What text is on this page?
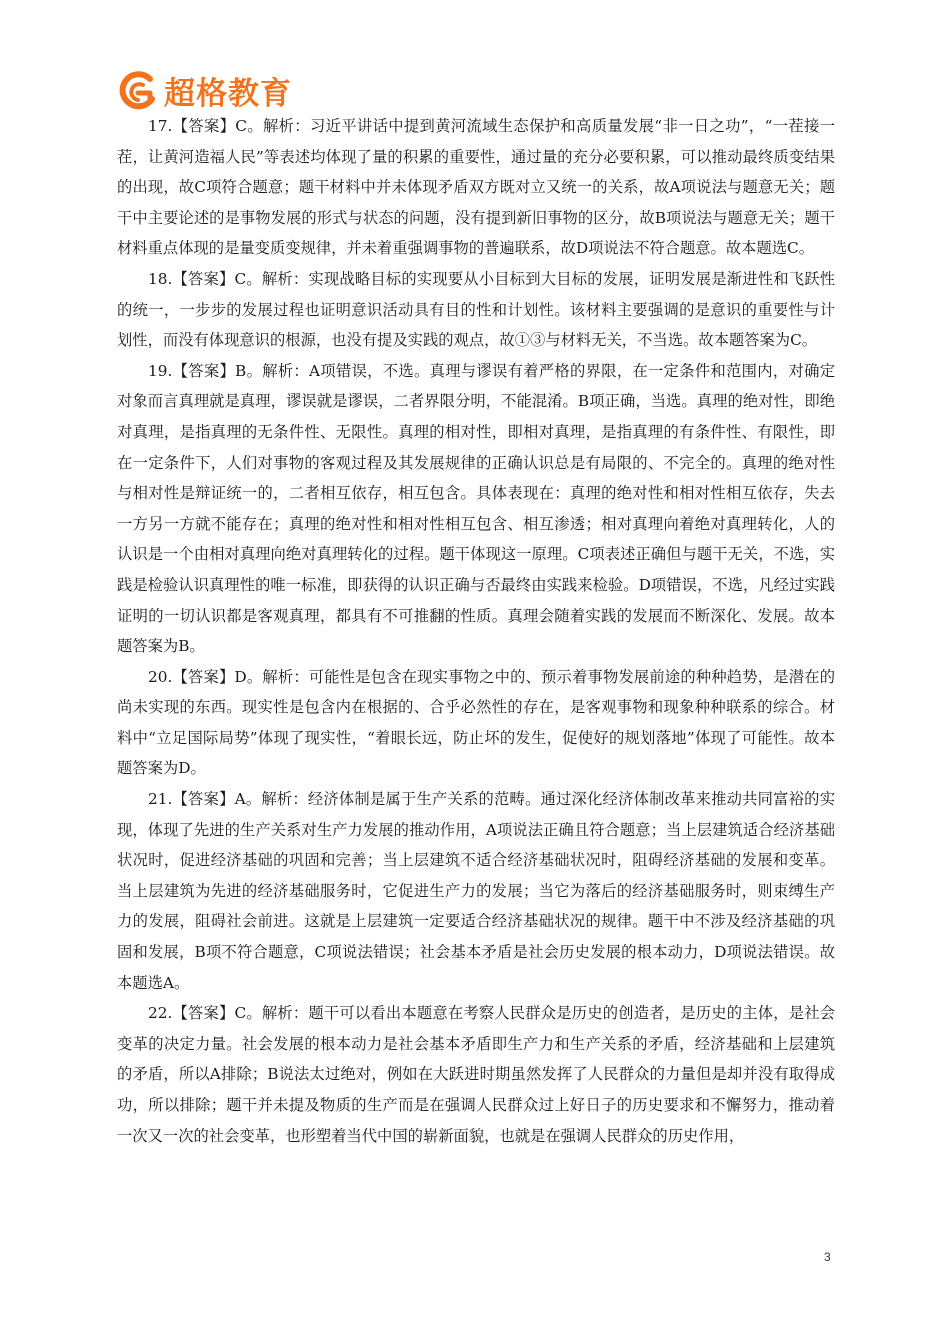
超格教育

17.【答案】C。解析：习近平讲话中提到黄河流域生态保护和高质量发展“非一日之功”，“一茬接一茬，让黄河造福人民”等表述均体现了量的积累的重要性，通过量的充分必要积累，可以推动最终质变结果的出现，故C项符合题意；题干材料中并未体现矛盾双方既对立又统一的关系，故A项说法与题意无关；题干中主要论述的是事物发展的形式与状态的问题，没有提到新旧事物的区分，故B项说法与题意无关；题干材料重点体现的是量变质变规律，并未着重强调事物的普遍联系，故D项说法不符合题意。故本题选C。

18.【答案】C。解析：实现战略目标的实现要从小目标到大目标的发展，证明发展是渐进性和飞跃性的统一，一步步的发展过程也证明意识活动具有目的性和计划性。该材料主要强调的是意识的重要性与计划性，而没有体现意识的根源，也没有提及实践的观点，故①③与材料无关，不当选。故本题答案为C。

19.【答案】B。解析：A项错误，不选。真理与谬误有着严格的界限，在一定条件和范围内，对确定对象而言真理就是真理，谬误就是谬误，二者界限分明，不能混淆。B项正确，当选。真理的绝对性，即绝对真理，是指真理的无条件性、无限性。真理的相对性，即相对真理，是指真理的有条件性、有限性，即在一定条件下，人们对事物的客观过程及其发展规律的正确认识总是有局限的、不完全的。真理的绝对性与相对性是辩证统一的，二者相互依存，相互包含。具体表现在：真理的绝对性和相对性相互依存，失去一方另一方就不能存在；真理的绝对性和相对性相互包含、相互渗透；相对真理向着绝对真理转化，人的认识是一个由相对真理向绝对真理转化的过程。题干体现这一原理。C项表述正确但与题干无关，不选，实践是检验认识真理性的唯一标准，即获得的认识正确与否最终由实践来检验。D项错误，不选，凡经过实践证明的一切认识都是客观真理，都具有不可推翻的性质。真理会随着实践的发展而不断深化、发展。故本题答案为B。

20.【答案】D。解析：可能性是包含在现实事物之中的、预示着事物发展前途的种种趋势，是潜在的尚未实现的东西。现实性是包含内在根据的、合乎必然性的存在，是客观事物和现象种种联系的综合。材料中“立足国际局势”体现了现实性，“着眼长远，防止坏的发生，促使好的规划落地”体现了可能性。故本题答案为D。

21.【答案】A。解析：经济体制是属于生产关系的范畴。通过深化经济体制改革来推动共同富裕的实现，体现了先进的生产关系对生产力发展的推动作用，A项说法正确且符合题意；当上层建筑适合经济基础状况时，促进经济基础的巩固和完善；当上层建筑不适合经济基础状况时，阻碍经济基础的发展和变革。当上层建筑为先进的经济基础服务时，它促进生产力的发展；当它为落后的经济基础服务时，则束缚生产力的发展，阻碍社会前进。这就是上层建筑一定要适合经济基础状况的规律。题干中不涉及经济基础的巩固和发展，B项不符合题意，C项说法错误；社会基本矛盾是社会历史发展的根本动力，D项说法错误。故本题选A。

22.【答案】C。解析：题干可以看出本题意在考察人民群众是历史的创造者，是历史的主体，是社会变革的决定力量。社会发展的根本动力是社会基本矛盾即生产力和生产关系的矛盾，经济基础和上层建筑的矛盾，所以A排除；B说法太过绝对，例如在大跃进时期虽然发挥了人民群众的力量但是却并没有取得成功，所以排除；题干并未提及物质的生产而是在强调人民群众过上好日子的历史要求和不懈努力，推动着一次又一次的社会变革，也形塑着当代中国的崭新面貌，也就是在强调人民群众的历史作用，

3
